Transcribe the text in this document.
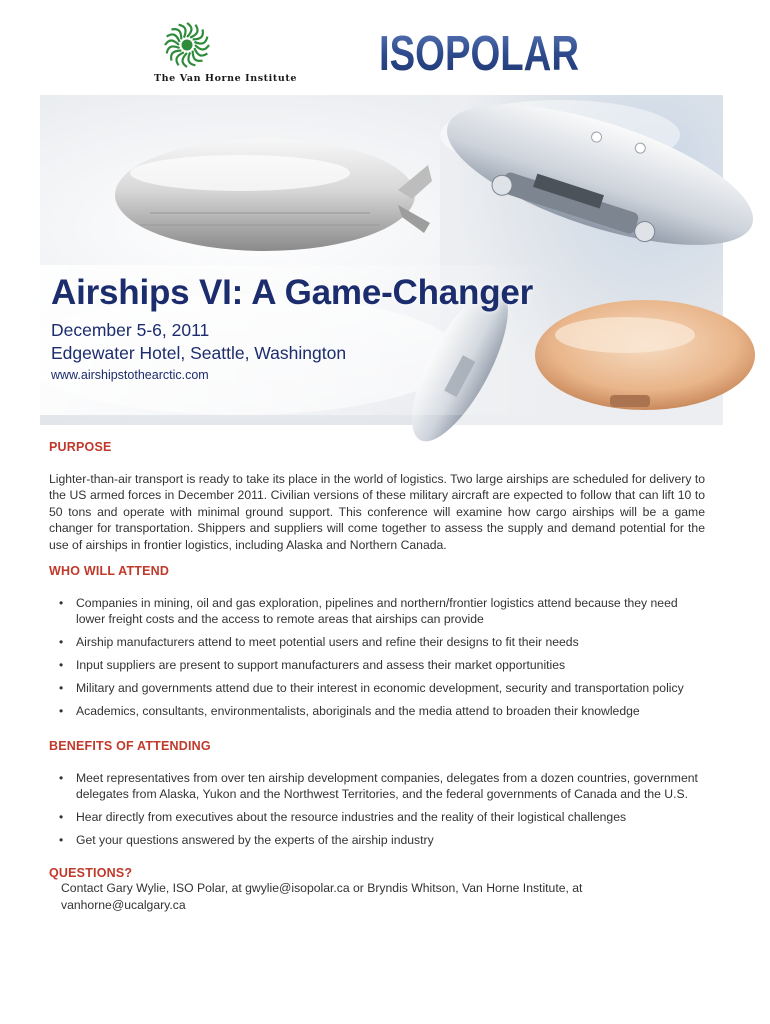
The Van Horne Institute ISOPOLAR
Airships VI: A Game-Changer
December 5-6, 2011
Edgewater Hotel, Seattle, Washington
www.airshipstothearctic.com
PURPOSE

Lighter-than-air transport is ready to take its place in the world of logistics. Two large airships are scheduled for delivery to the US armed forces in December 2011. Civilian versions of these military aircraft are expected to follow that can lift 10 to 50 tons and operate with minimal ground support. This conference will examine how cargo airships will be a game changer for transportation. Shippers and suppliers will come together to assess the supply and demand potential for the use of airships in frontier logistics, including Alaska and Northern Canada.

WHO WILL ATTEND
• Companies in mining, oil and gas exploration, pipelines and northern/frontier logistics attend because they need lower freight costs and the access to remote areas that airships can provide
• Airship manufacturers attend to meet potential users and refine their designs to fit their needs
• Input suppliers are present to support manufacturers and assess their market opportunities
• Military and governments attend due to their interest in economic development, security and transportation policy
• Academics, consultants, environmentalists, aboriginals and the media attend to broaden their knowledge
BENEFITS OF ATTENDING
• Meet representatives from over ten airship development companies, delegates from a dozen countries, government delegates from Alaska, Yukon and the Northwest Territories, and the federal governments of Canada and the U.S.
• Hear directly from executives about the resource industries and the reality of their logistical challenges
• Get your questions answered by the experts of the airship industry
QUESTIONS?

Contact Gary Wylie, ISO Polar, at gwylie@isopolar.ca or Bryndis Whitson, Van Horne Institute, at vanhorne@ucalgary.ca
